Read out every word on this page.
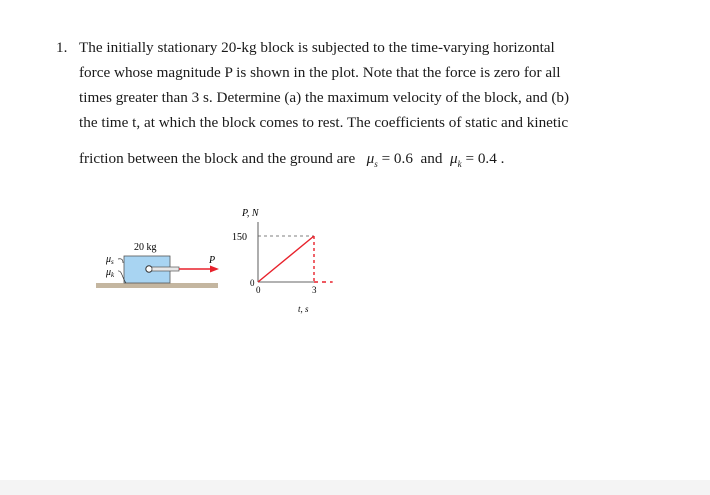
1. The initially stationary 20-kg block is subjected to the time-varying horizontal
force whose magnitude P is shown in the plot. Note that the force is zero for all
times greater than 3 s. Determine (a) the maximum velocity of the block, and (b)
the time t, at which the block comes to rest. The coefficients of static and kinetic
friction between the block and the ground are $\mu_s = 0.6$ and $\mu_k = 0.4$ .
P
20 kg
$\mu_s$
$\mu_k$
P, N
150
0
0	3
t, s
